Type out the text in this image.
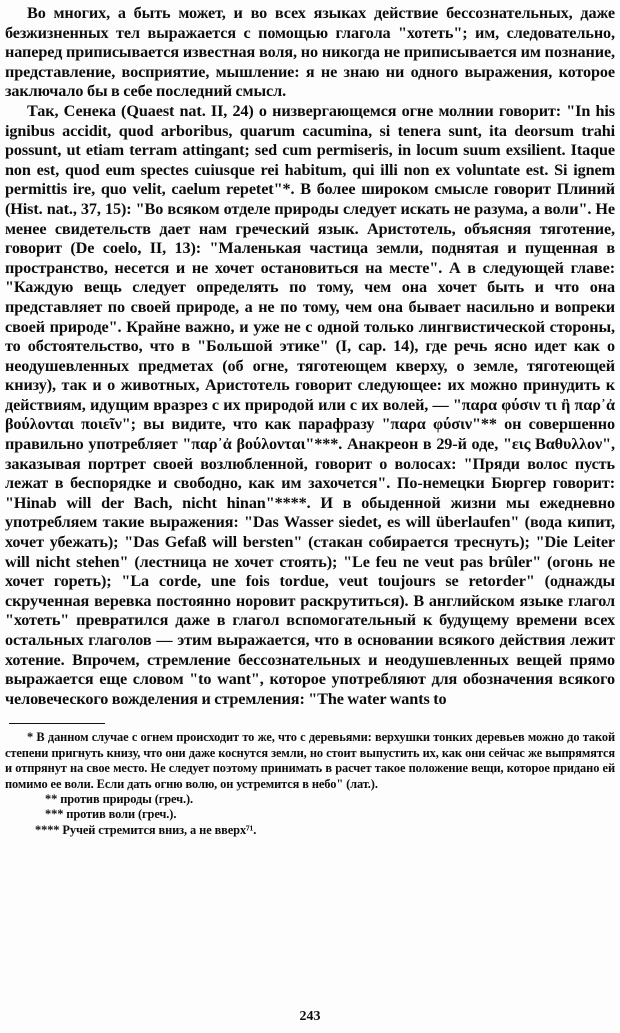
Во многих, а быть может, и во всех языках действие бессознательных, даже безжизненных тел выражается с помощью глагола "хотеть"; им, следовательно, наперед приписывается известная воля, но никогда не приписывается им познание, представление, восприятие, мышление: я не знаю ни одного выражения, которое заключало бы в себе последний смысл.

Так, Сенека (Quaest nat. II, 24) о низвергающемся огне молнии говорит: "In his ignibus accidit, quod arboribus, quarum cacumina, si tenera sunt, ita deorsum trahi possunt, ut etiam terram attingant; sed cum permiseris, in locum suum exsilient. Itaque non est, quod eum spectes cuiusque rei habitum, qui illi non ex voluntate est. Si ignem permittis ire, quo velit, caelum repetet"*. В более широком смысле говорит Плиний (Hist. nat., 37, 15): "Во всяком отделе природы следует искать не разума, а воли". Не менее свидетельств дает нам греческий язык. Аристотель, объясняя тяготение, говорит (De coelo, II, 13): "Маленькая частица земли, поднятая и пущенная в пространство, несется и не хочет остановиться на месте". А в следующей главе: "Каждую вещь следует определять по тому, чем она хочет быть и что она представляет по своей природе, а не по тому, чем она бывает насильно и вопреки своей природе". Крайне важно, и уже не с одной только лингвистической стороны, то обстоятельство, что в "Большой этике" (I, cap. 14), где речь ясно идет как о неодушевленных предметах (об огне, тяготеющем кверху, о земле, тяготеющей книзу), так и о животных, Аристотель говорит следующее: их можно принудить к действиям, идущим вразрез с их природой или с их волей, — "παρα φύσιν τι ἢ παρ᾽ἀ βούλονται ποιεῖν"; вы видите, что как парафразу "παρα φύσιν"** он совершенно правильно употребляет "παρ᾽ἀ βούλονται"***. Анакреон в 29-й оде, "εις Βαθυλλον", заказывая портрет своей возлюбленной, говорит о волосах: "Пряди волос пусть лежат в беспорядке и свободно, как им захочется". По-немецки Бюргер говорит: "Hinab will der Bach, nicht hinan"****. И в обыденной жизни мы ежедневно употребляем такие выражения: "Das Wasser siedet, es will überlaufen" (вода кипит, хочет убежать); "Das Gefaß will bersten" (стакан собирается треснуть); "Die Leiter will nicht stehen" (лестница не хочет стоять); "Le feu ne veut pas brûler" (огонь не хочет гореть); "La corde, une fois tordue, veut toujours se retorder" (однажды скрученная веревка постоянно норовит раскрутиться). В английском языке глагол "хотеть" превратился даже в глагол вспомогательный к будущему времени всех остальных глаголов — этим выражается, что в основании всякого действия лежит хотение. Впрочем, стремление бессознательных и неодушевленных вещей прямо выражается еще словом "to want", которое употребляют для обозначения всякого человеческого вожделения и стремления: "The water wants to

* В данном случае с огнем происходит то же, что с деревьями: верхушки тонких деревьев можно до такой степени пригнуть книзу, что они даже коснутся земли, но стоит выпустить их, как они сейчас же выпрямятся и отпрянут на свое место. Не следует поэтому принимать в расчет такое положение вещи, которое придано ей помимо ее воли. Если дать огню волю, он устремится в небо" (лат.).

** против природы (греч.).

*** против воли (греч.).

**** Ручей стремится вниз, а не вверх⁷¹.

243
